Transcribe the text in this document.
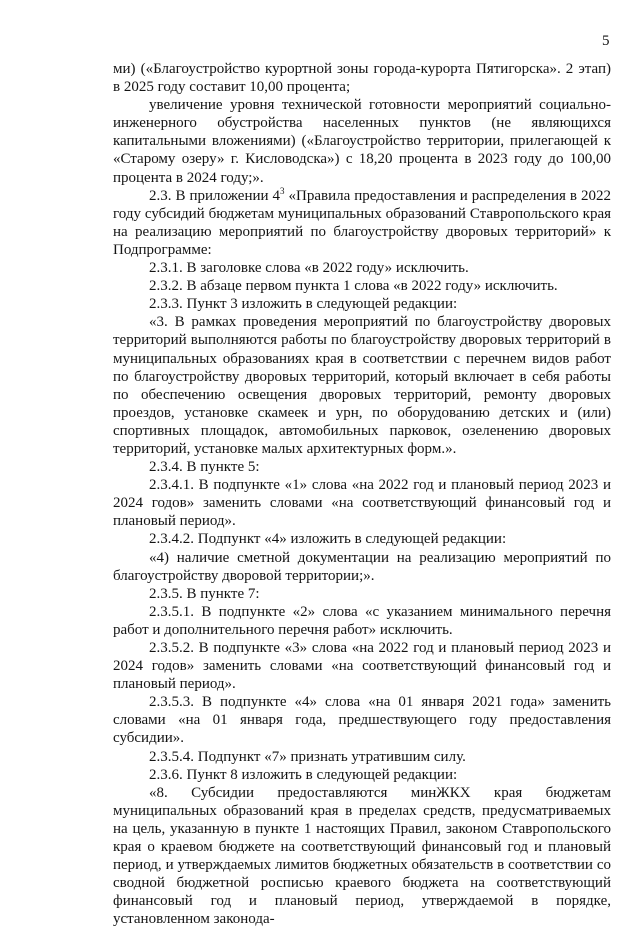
5

ми) («Благоустройство курортной зоны города-курорта Пятигорска». 2 этап) в 2025 году составит 10,00 процента;

увеличение уровня технической готовности мероприятий социально-инженерного обустройства населенных пунктов (не являющихся капитальными вложениями) («Благоустройство территории, прилегающей к «Старому озеру» г. Кисловодска») с 18,20 процента в 2023 году до 100,00 процента в 2024 году;».

2.3. В приложении $4^3$ «Правила предоставления и распределения в 2022 году субсидий бюджетам муниципальных образований Ставропольского края на реализацию мероприятий по благоустройству дворовых территорий» к Подпрограмме:

2.3.1. В заголовке слова «в 2022 году» исключить.

2.3.2. В абзаце первом пункта 1 слова «в 2022 году» исключить.

2.3.3. Пункт 3 изложить в следующей редакции:

«3. В рамках проведения мероприятий по благоустройству дворовых территорий выполняются работы по благоустройству дворовых территорий в муниципальных образованиях края в соответствии с перечнем видов работ по благоустройству дворовых территорий, который включает в себя работы по обеспечению освещения дворовых территорий, ремонту дворовых проездов, установке скамеек и урн, по оборудованию детских и (или) спортивных площадок, автомобильных парковок, озеленению дворовых территорий, установке малых архитектурных форм.».

2.3.4. В пункте 5:

2.3.4.1. В подпункте «1» слова «на 2022 год и плановый период 2023 и 2024 годов» заменить словами «на соответствующий финансовый год и плановый период».

2.3.4.2. Подпункт «4» изложить в следующей редакции:

«4) наличие сметной документации на реализацию мероприятий по благоустройству дворовой территории;».

2.3.5. В пункте 7:

2.3.5.1. В подпункте «2» слова «с указанием минимального перечня работ и дополнительного перечня работ» исключить.

2.3.5.2. В подпункте «3» слова «на 2022 год и плановый период 2023 и 2024 годов» заменить словами «на соответствующий финансовый год и плановый период».

2.3.5.3. В подпункте «4» слова «на 01 января 2021 года» заменить словами «на 01 января года, предшествующего году предоставления субсидии».

2.3.5.4. Подпункт «7» признать утратившим силу.

2.3.6. Пункт 8 изложить в следующей редакции:

«8. Субсидии предоставляются минЖКХ края бюджетам муниципальных образований края в пределах средств, предусматриваемых на цель, указанную в пункте 1 настоящих Правил, законом Ставропольского края о краевом бюджете на соответствующий финансовый год и плановый период, и утверждаемых лимитов бюджетных обязательств в соответствии со сводной бюджетной росписью краевого бюджета на соответствующий финансовый год и плановый период, утверждаемой в порядке, установленном законода-
